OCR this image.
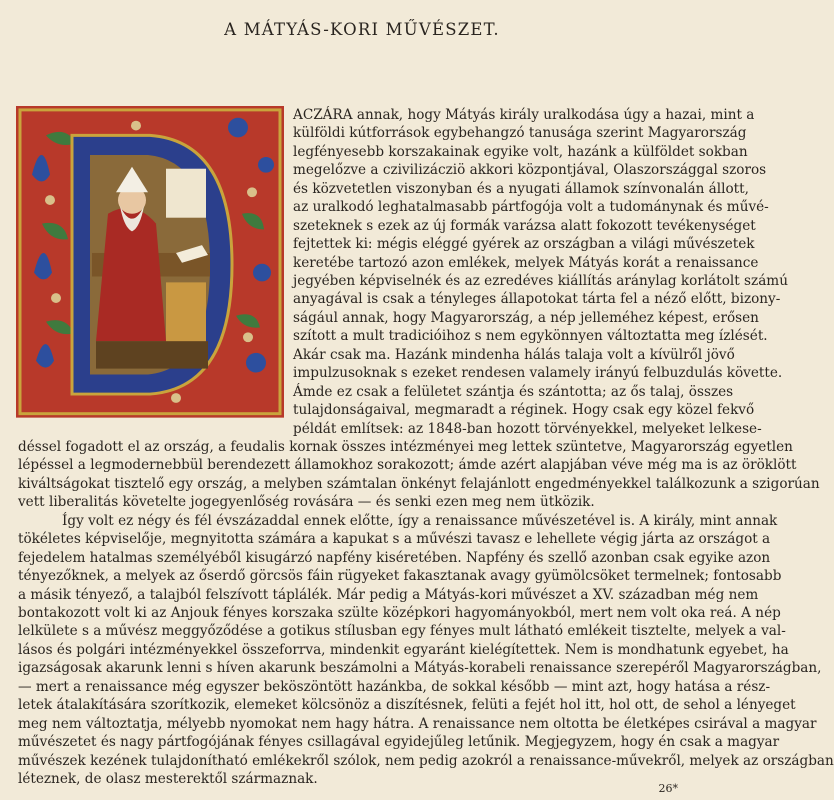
A MÁTYÁS-KORI MŰVÉSZET.
ACZÁRA annak, hogy Mátyás király uralkodása úgy a hazai, mint a
külföldi kútforrások egybehangzó tanusága szerint Magyarország
legfényesebb korszakainak egyike volt, hazánk a külföldet sokban
megelőzve a czivilizácziö akkori központjával, Olaszországgal szoros
és közvetetlen viszonyban és a nyugati államok színvonalán állott,
az uralkodó leghatalmasabb pártfogója volt a tudománynak és művé-
szeteknek s ezek az új formák varázsa alatt fokozott tevékenységet
fejtettek ki: mégis eléggé gyérek az országban a világi művészetek
keretébe tartozó azon emlékek, melyek Mátyás korát a renaissance
jegyében képviselnék és az ezredéves kiállítás aránylag korlátolt számú
anyagával is csak a tényleges állapotokat tárta fel a néző előtt, bizony-
ságául annak, hogy Magyarország, a nép jelleméhez képest, erősen
szított a mult tradicióihoz s nem egykönnyen változtatta meg ízlését.
Akár csak ma. Hazánk mindenha hálás talaja volt a kívülről jövő
impulzusoknak s ezeket rendesen valamely irányú felbuzdulás követte.
Ámde ez csak a felületet szántja és szántotta; az ős talaj, összes
tulajdonságaival, megmaradt a réginek. Hogy csak egy közel fekvő
példát említsek: az 1848-ban hozott törvényekkel, melyeket lelkese-
déssel fogadott el az ország, a feudalis kornak összes intézményei meg lettek szüntetve, Magyarország egyetlen
lépéssel a legmodernebbül berendezett államokhoz sorakozott; ámde azért alapjában véve még ma is az öröklött
kiváltságokat tisztelő egy ország, a melyben számtalan önkényt felajánlott engedményekkel találkozunk a szigorúan
vett liberalitás követelte jogegyenlőség rovására — és senki ezen meg nem ütközik.
Így volt ez négy és fél évszázaddal ennek előtte, így a renaissance művészetével is. A király, mint annak
tökéletes képviselője, megnyitotta számára a kapukat s a művészi tavasz e lehellete végig járta az országot a
fejedelem hatalmas személyéből kisugárzó napfény kiséretében. Napfény és szellő azonban csak egyike azon
tényezőknek, a melyek az őserdő görcsös fáin rügyeket fakasztanak avagy gyümölcsöket termelnek; fontosabb
a másik tényező, a talajból felszívott táplálék. Már pedig a Mátyás-kori művészet a XV. században még nem
bontakozott volt ki az Anjouk fényes korszaka szülte középkori hagyományokból, mert nem volt oka reá. A nép
lelkülete s a művész meggyőződése a gotikus stílusban egy fényes mult látható emlékeit tisztelte, melyek a val-
lásos és polgári intézményekkel összeforrva, mindenkit egyaránt kielégítettek. Nem is mondhatunk egyebet, ha
igazságosak akarunk lenni s híven akarunk beszámolni a Mátyás-korabeli renaissance szerepéről Magyarországban,
— mert a renaissance még egyszer beköszöntött hazánkba, de sokkal később — mint azt, hogy hatása a rész-
letek átalakítására szorítkozik, elemeket kölcsönöz a diszítésnek, felüti a fejét hol itt, hol ott, de sehol a lényeget
meg nem változtatja, mélyebb nyomokat nem hagy hátra. A renaissance nem oltotta be életképes csirával a magyar
művészetet és nagy pártfogójának fényes csillagával egyidejűleg letűnik. Megjegyzem, hogy én csak a magyar
művészek kezének tulajdonítható emlékekről szólok, nem pedig azokról a renaissance-művekről, melyek az országban
léteznek, de olasz mesterektől származnak.
26*
